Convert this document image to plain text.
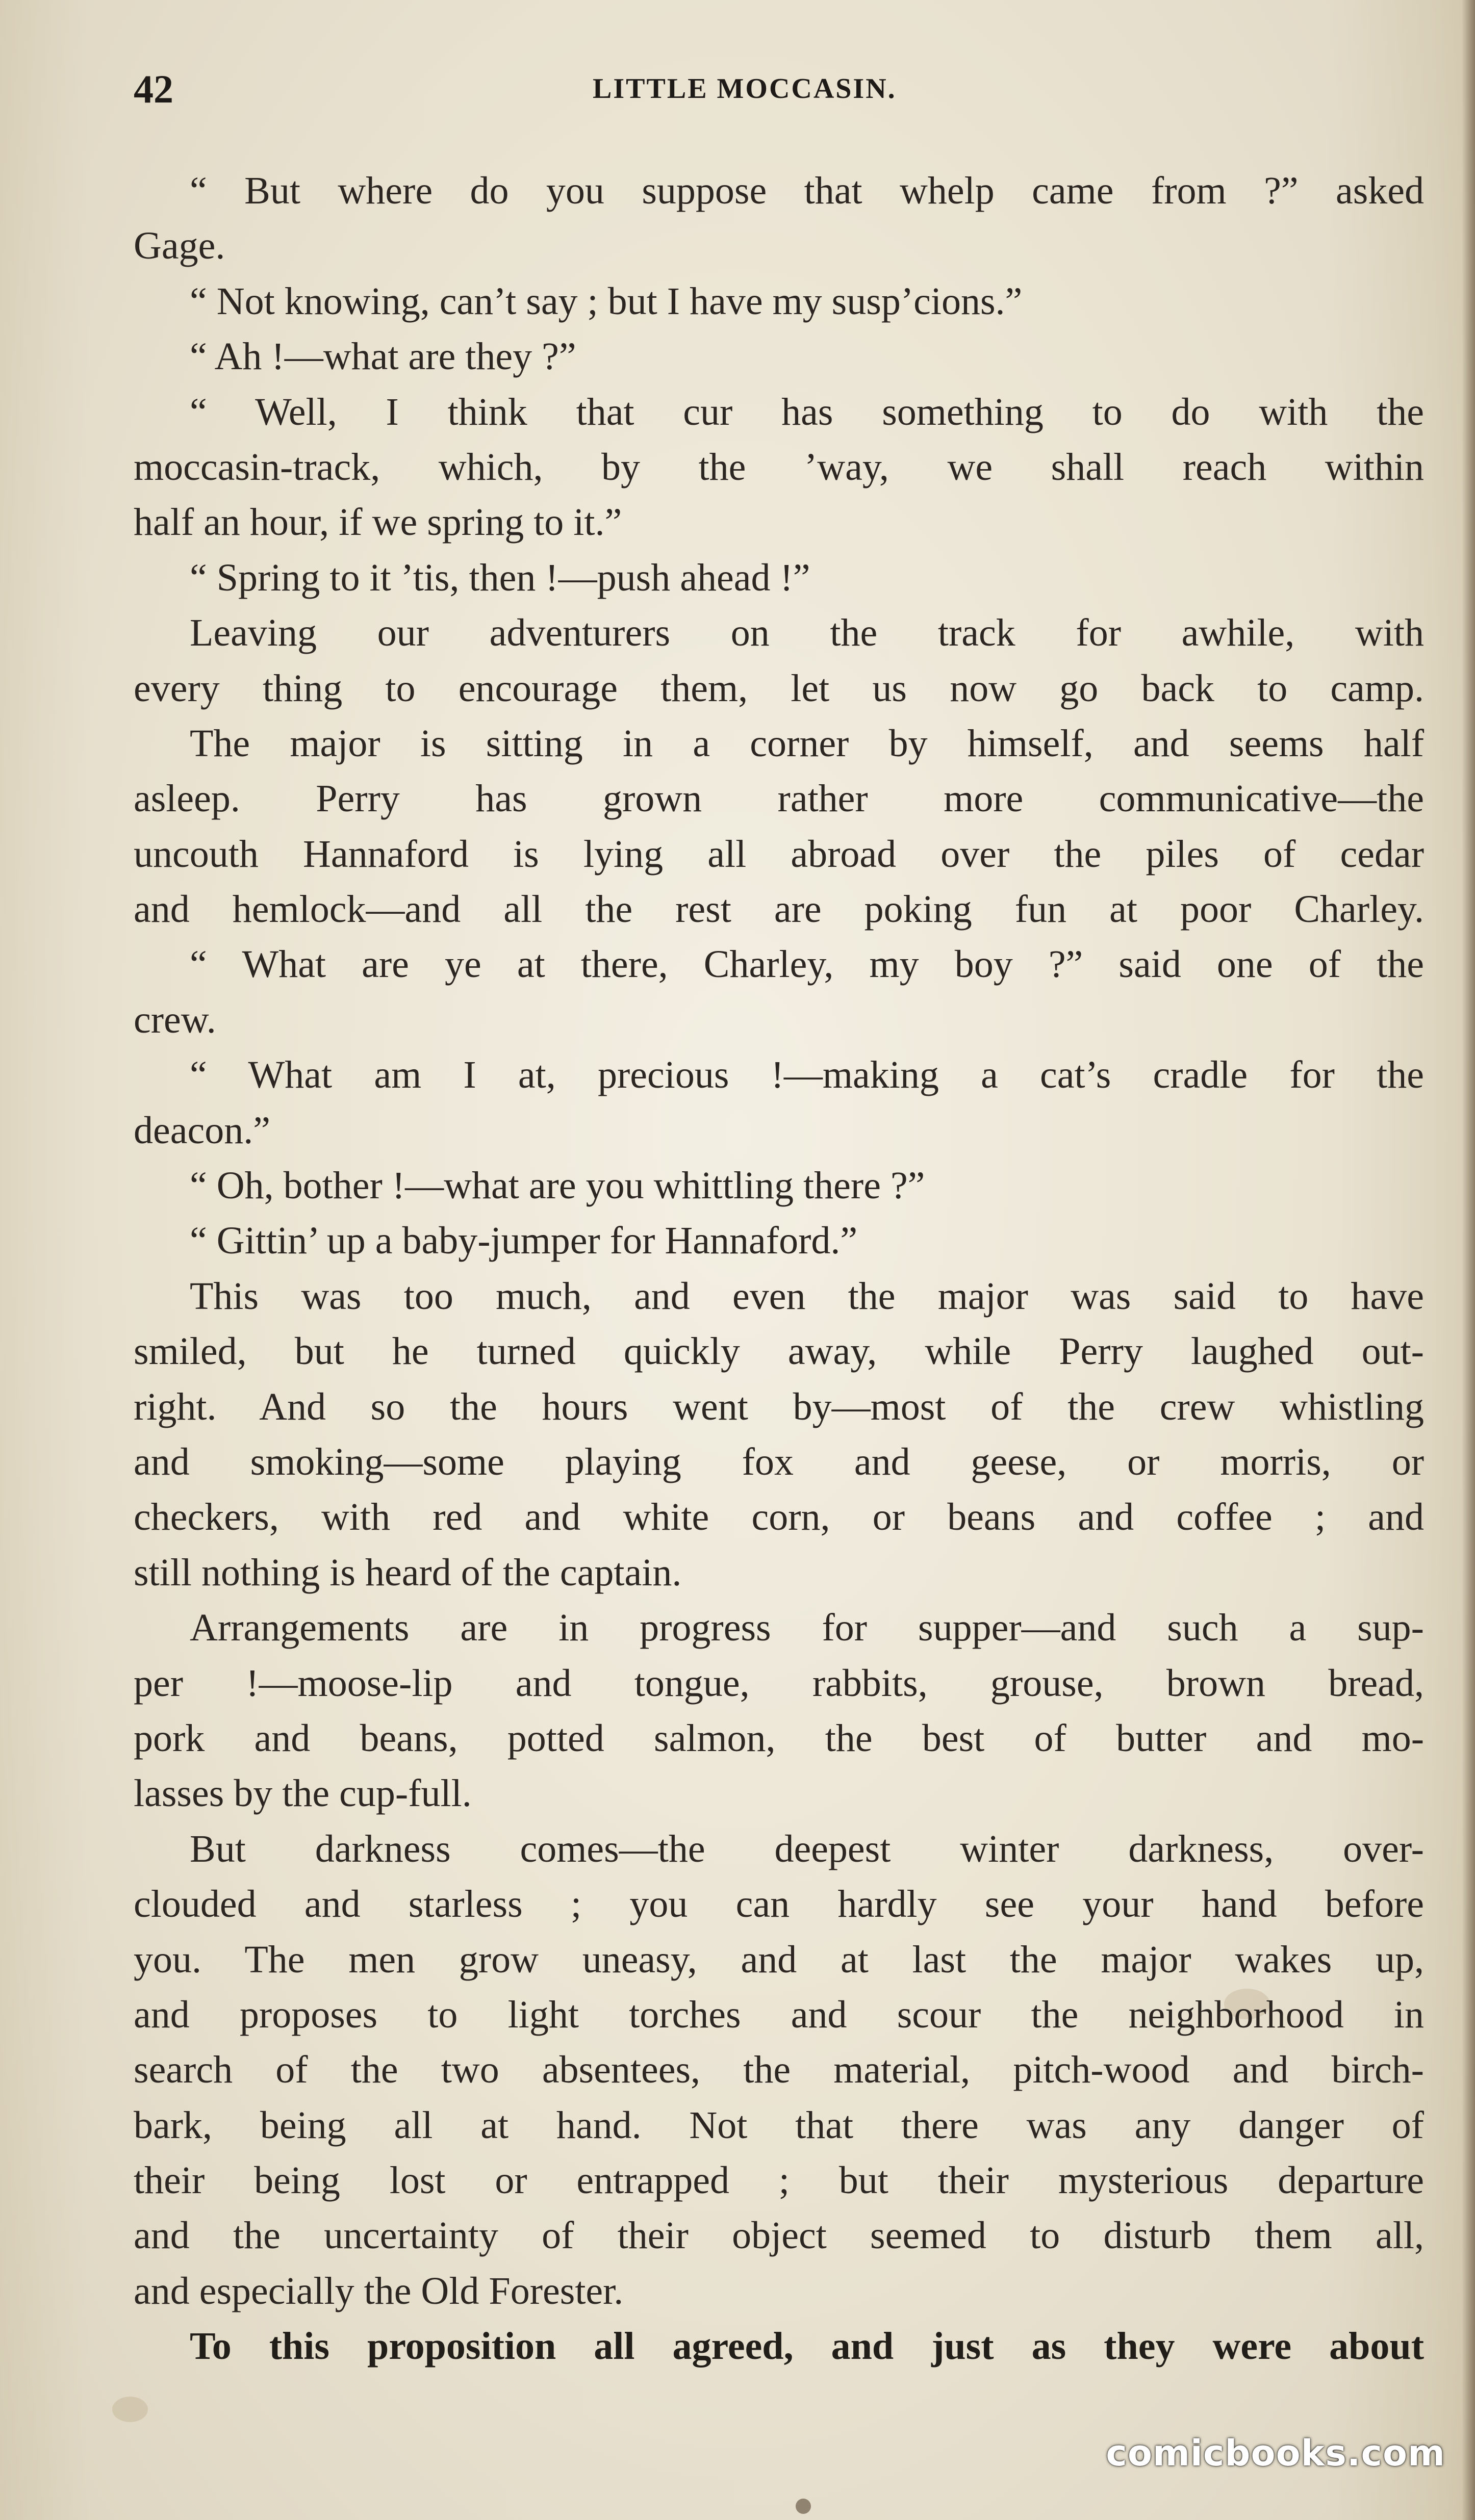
42	LITTLE MOCCASIN.
“ But where do you suppose that whelp came from ?” asked
Gage.
“ Not knowing, can’t say ; but I have my susp’cions.”
“ Ah !—what are they ?”
“ Well, I think that cur has something to do with the
moccasin-track, which, by the ’way, we shall reach within
half an hour, if we spring to it.”
“ Spring to it ’tis, then !—push ahead !”
Leaving our adventurers on the track for awhile, with
every thing to encourage them, let us now go back to camp.
The major is sitting in a corner by himself, and seems half
asleep. Perry has grown rather more communicative—the
uncouth Hannaford is lying all abroad over the piles of cedar
and hemlock—and all the rest are poking fun at poor Charley.
“ What are ye at there, Charley, my boy ?” said one of the
crew.
“ What am I at, precious !—making a cat’s cradle for the
deacon.”
“ Oh, bother !—what are you whittling there ?”
“ Gittin’ up a baby-jumper for Hannaford.”
This was too much, and even the major was said to have
smiled, but he turned quickly away, while Perry laughed out-
right. And so the hours went by—most of the crew whistling
and smoking—some playing fox and geese, or morris, or
checkers, with red and white corn, or beans and coffee ; and
still nothing is heard of the captain.
Arrangements are in progress for supper—and such a sup-
per !—moose-lip and tongue, rabbits, grouse, brown bread,
pork and beans, potted salmon, the best of butter and mo-
lasses by the cup-full.
But darkness comes—the deepest winter darkness, over-
clouded and starless ; you can hardly see your hand before
you. The men grow uneasy, and at last the major wakes up,
and proposes to light torches and scour the neighborhood in
search of the two absentees, the material, pitch-wood and birch-
bark, being all at hand. Not that there was any danger of
their being lost or entrapped ; but their mysterious departure
and the uncertainty of their object seemed to disturb them all,
and especially the Old Forester.
To this proposition all agreed, and just as they were about
comicbooks.com
